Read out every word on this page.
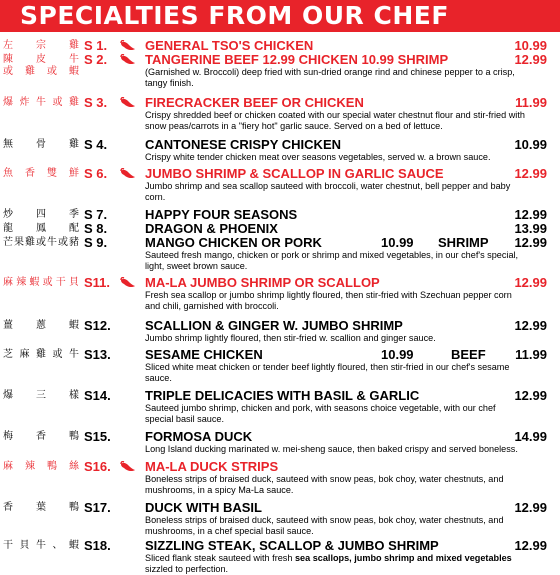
SPECIALTIES FROM OUR CHEF
左 宗 雞 S 1.	GENERAL TSO'S CHICKEN	10.99
陳 皮 牛
或 雞 或 蝦
S 2.	TANGERINE BEEF 12.99 CHICKEN 10.99 SHRIMP	12.99
(Garnished w. Broccoli) deep fried with sun-dried orange rind and chinese pepper to a crisp, tangy finish.
爆 炸 牛 或 雞 S 3.	FIRECRACKER BEEF OR CHICKEN	11.99
Crispy shredded beef or chicken coated with our special water chestnut flour and stir-fried with snow peas/carrots in a "fiery hot" garlic sauce. Served on a bed of lettuce.
無 骨 雞 S 4.	CANTONESE CRISPY CHICKEN	10.99
Crispy white tender chicken meat over seasons vegetables, served w. a brown sauce.
魚 香 雙 鮮 S 6.	JUMBO SHRIMP & SCALLOP IN GARLIC SAUCE	12.99
Jumbo shrimp and sea scallop sauteed with broccoli, water chestnut, bell pepper and baby corn.
炒 四 季 S 7.	HAPPY FOUR SEASONS	12.99
龍 鳳 配 S 8.	DRAGON & PHOENIX	13.99
芒果雞或牛或豬 S 9.	MANGO CHICKEN OR PORK	10.99 SHRIMP 12.99
Sauteed fresh mango, chicken or pork or shrimp and mixed vegetables, in our chef's special, light, sweet brown sauce.
麻辣蝦或干貝 S11.	MA-LA JUMBO SHRIMP OR SCALLOP	12.99
Fresh sea scallop or jumbo shrimp lightly floured, then stir-fried with Szechuan pepper corn and chili, garnished with broccoli.
薑 蔥 蝦 S12.	SCALLION & GINGER W. JUMBO SHRIMP	12.99
Jumbo shrimp lightly floured, then stir-fried w. scallion and ginger sauce.
芝麻雞或牛 S13.	SESAME CHICKEN	10.99	BEEF 11.99
Sliced white meat chicken or tender beef lightly floured, then stir-fried in our chef's sesame sauce.
爆 三 樣 S14.	TRIPLE DELICACIES WITH BASIL & GARLIC	12.99
Sauteed jumbo shrimp, chicken and pork, with seasons choice vegetable, with our chef special basil sauce.
梅 香 鴨 S15.	FORMOSA DUCK	14.99
Long Island ducking marinated w. mei-sheng sauce, then baked crispy and served boneless.
麻 辣 鴨 絲 S16.	MA-LA DUCK STRIPS
Boneless strips of braised duck, sauteed with snow peas, bok choy, water chestnuts, and mushrooms, in a spicy Ma-La sauce.
香 葉 鴨 S17.	DUCK WITH BASIL	12.99
Boneless strips of braised duck, sauteed with snow peas, bok choy, water chestnuts, and mushrooms, in a chef special basil sauce.
干貝牛、蝦 S18.	SIZZLING STEAK, SCALLOP & JUMBO SHRIMP	12.99
Sliced flank steak sauteed with fresh sea scallops, jumbo shrimp and mixed vegetables
sizzled to perfection.
